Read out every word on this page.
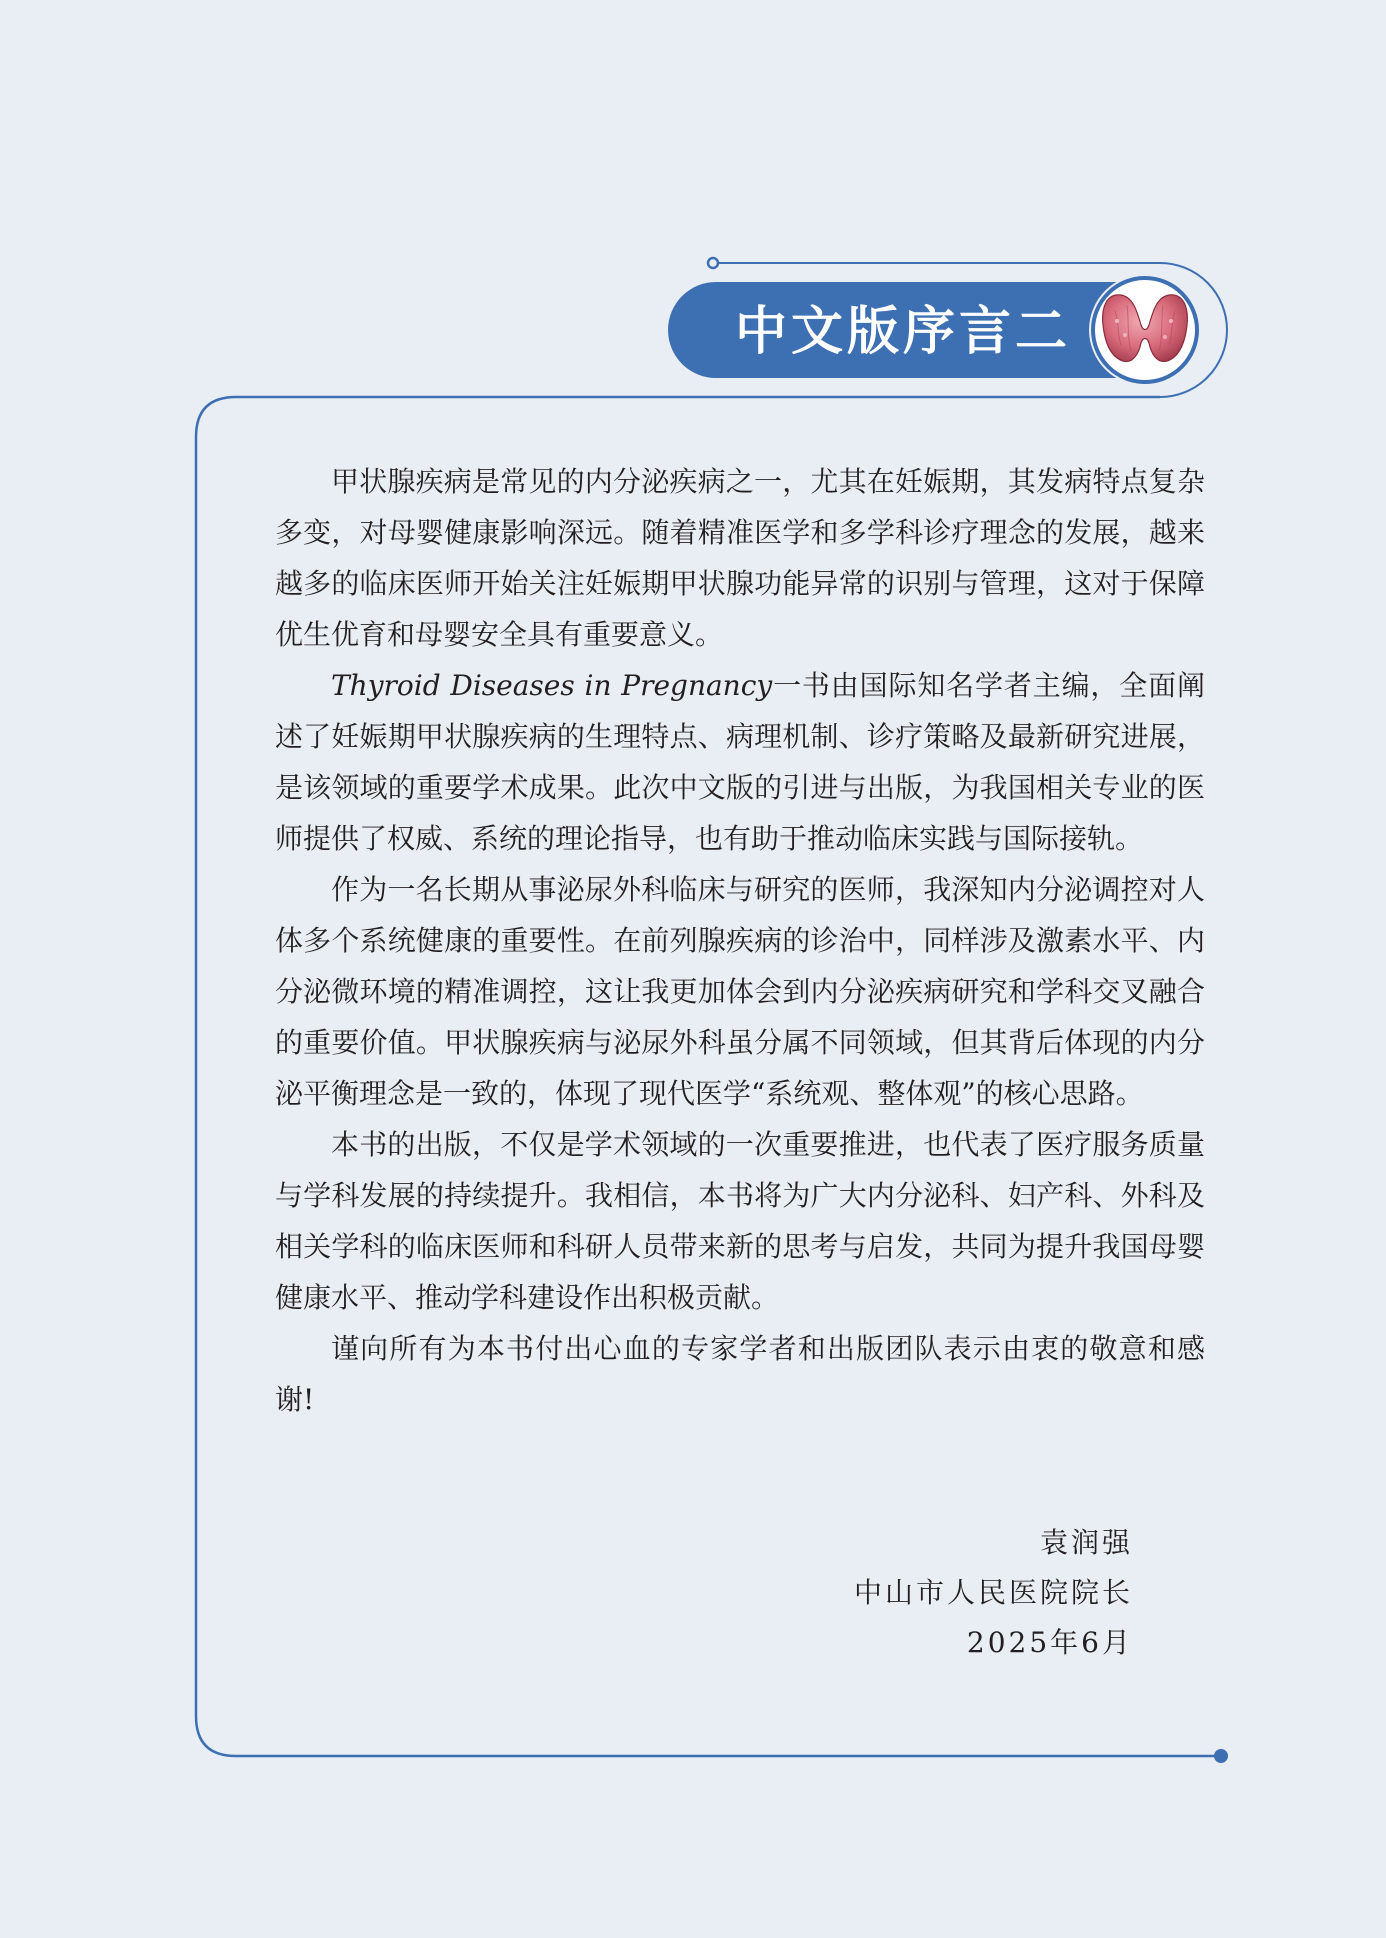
中文版序言二

甲状腺疾病是常见的内分泌疾病之一，尤其在妊娠期，其发病特点复杂多变，对母婴健康影响深远。随着精准医学和多学科诊疗理念的发展，越来越多的临床医师开始关注妊娠期甲状腺功能异常的识别与管理，这对于保障优生优育和母婴安全具有重要意义。

Thyroid Diseases in Pregnancy一书由国际知名学者主编，全面阐述了妊娠期甲状腺疾病的生理特点、病理机制、诊疗策略及最新研究进展，是该领域的重要学术成果。此次中文版的引进与出版，为我国相关专业的医师提供了权威、系统的理论指导，也有助于推动临床实践与国际接轨。

作为一名长期从事泌尿外科临床与研究的医师，我深知内分泌调控对人体多个系统健康的重要性。在前列腺疾病的诊治中，同样涉及激素水平、内分泌微环境的精准调控，这让我更加体会到内分泌疾病研究和学科交叉融合的重要价值。甲状腺疾病与泌尿外科虽分属不同领域，但其背后体现的内分泌平衡理念是一致的，体现了现代医学“系统观、整体观”的核心思路。

本书的出版，不仅是学术领域的一次重要推进，也代表了医疗服务质量与学科发展的持续提升。我相信，本书将为广大内分泌科、妇产科、外科及相关学科的临床医师和科研人员带来新的思考与启发，共同为提升我国母婴健康水平、推动学科建设作出积极贡献。

谨向所有为本书付出心血的专家学者和出版团队表示由衷的敬意和感谢!

袁润强
中山市人民医院院长
2025年6月
